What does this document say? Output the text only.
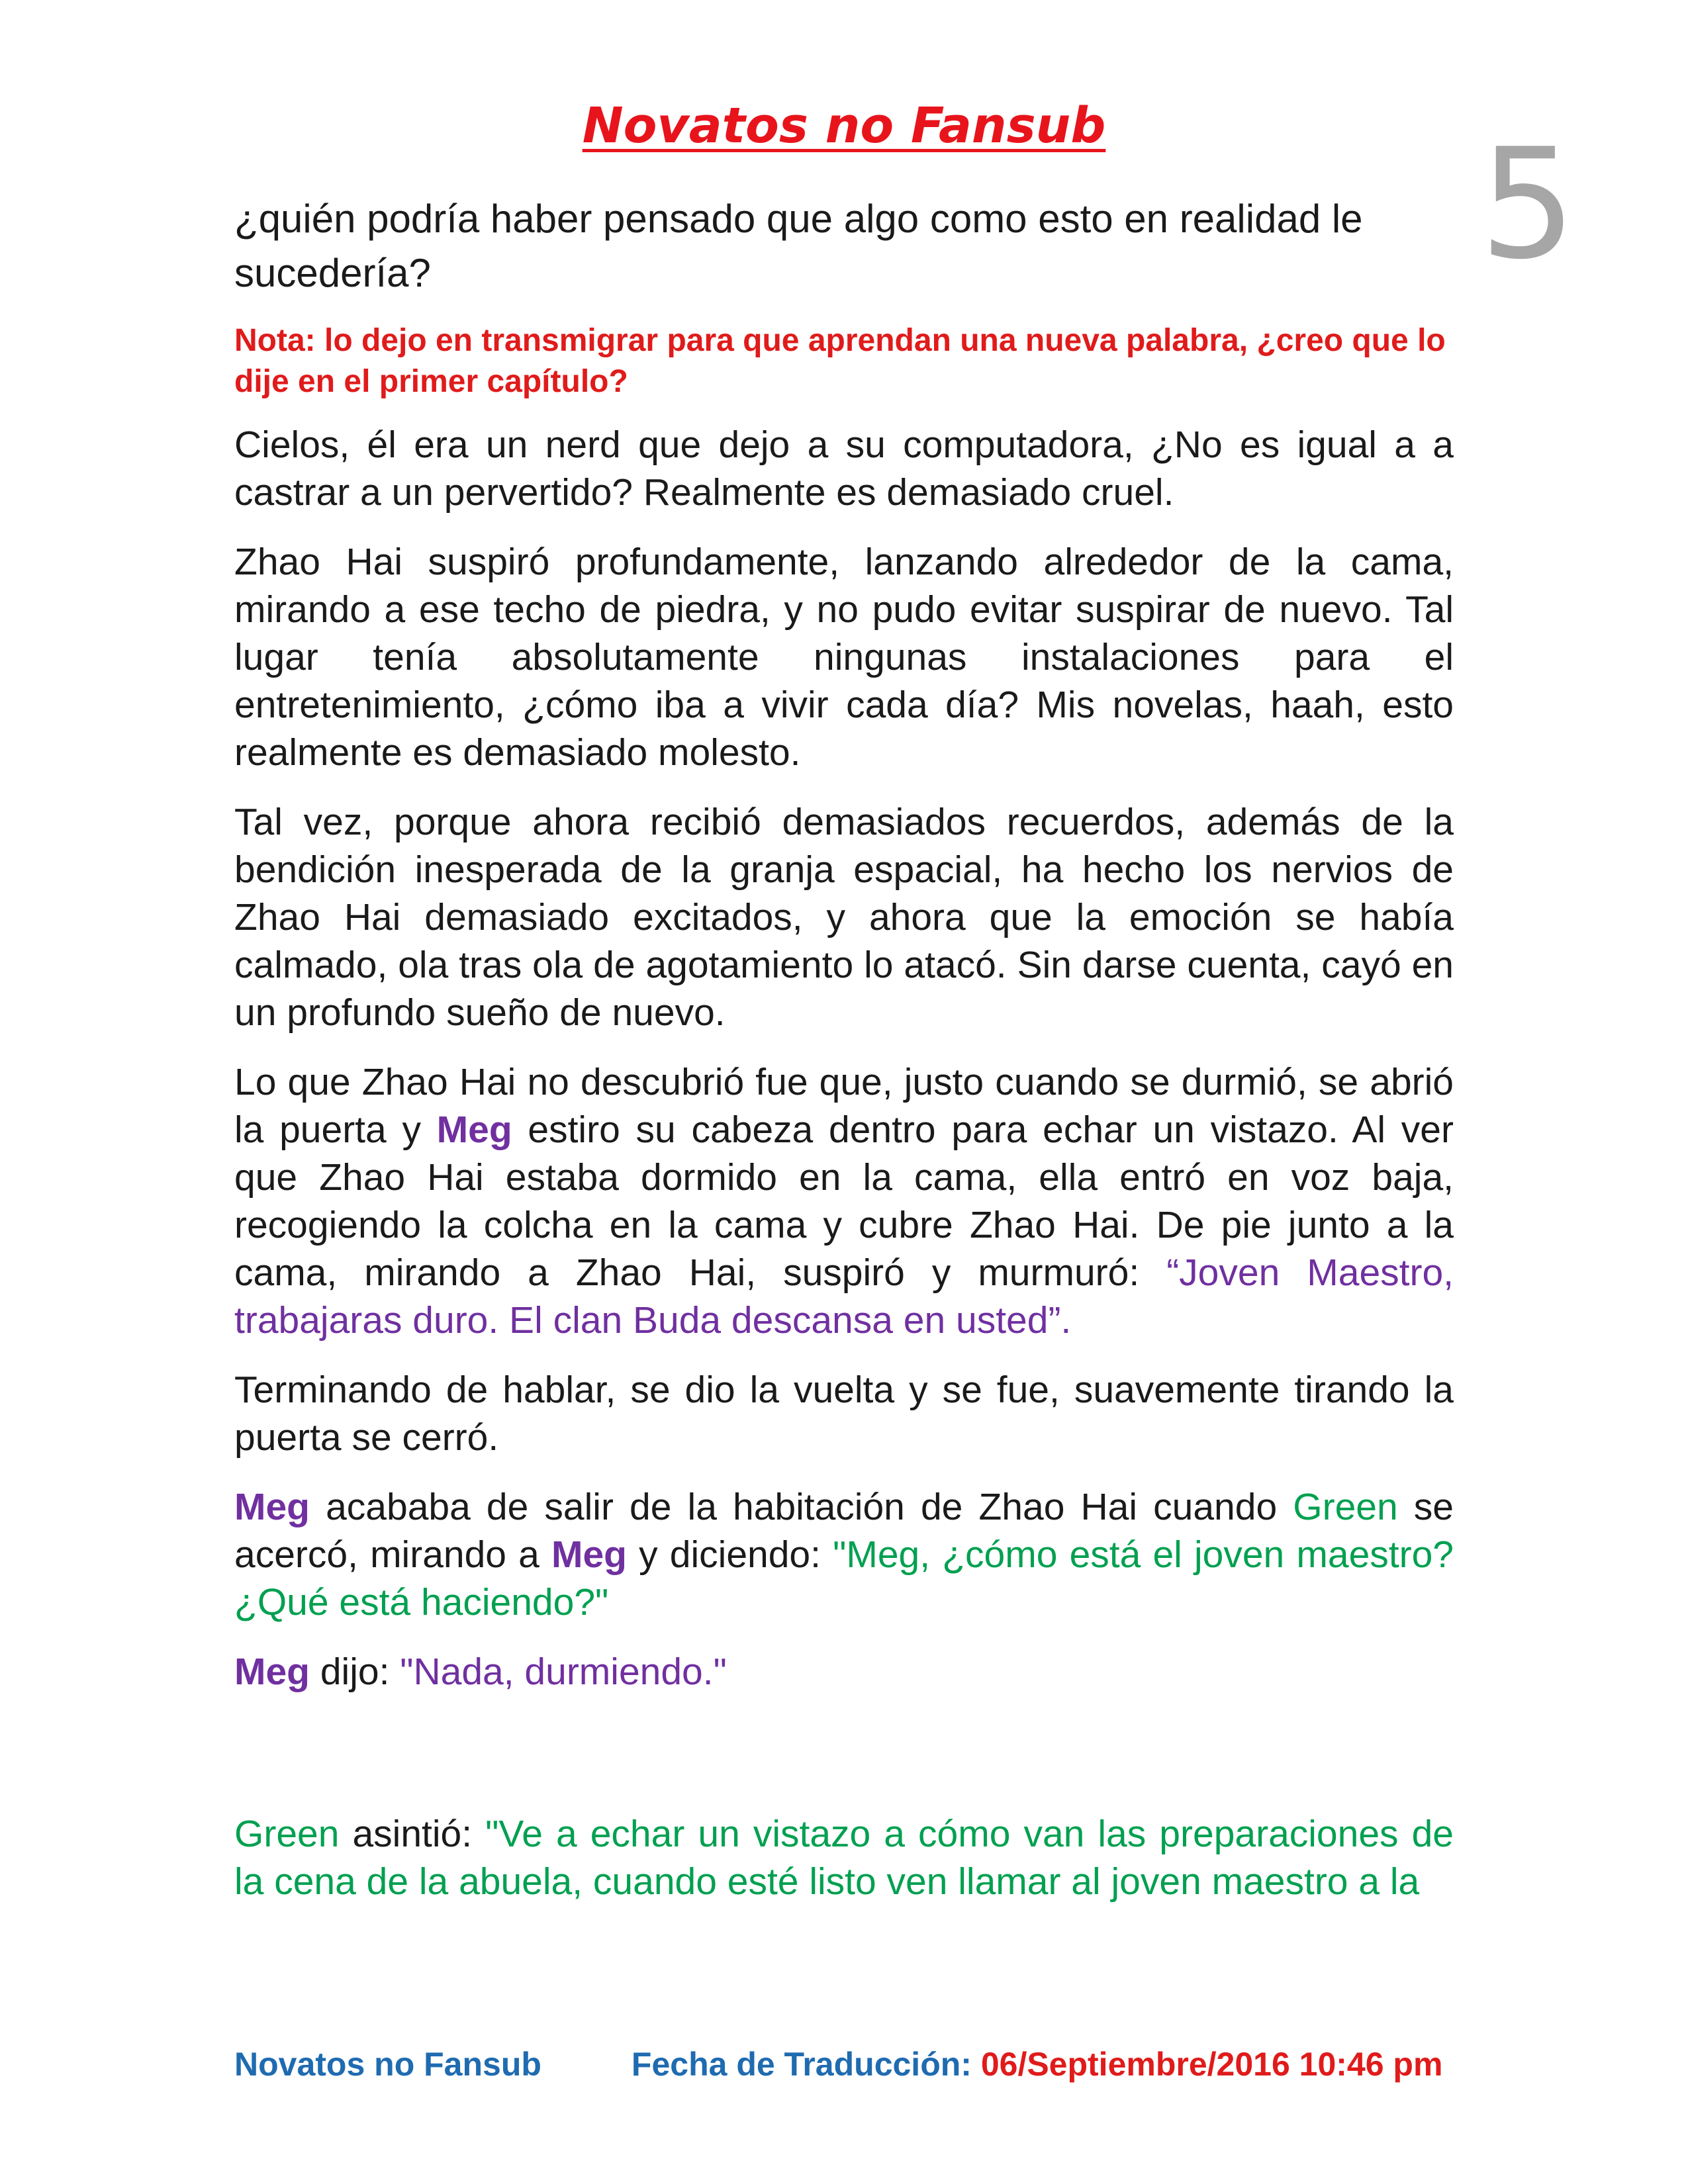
Novatos no Fansub	5

¿quién podría haber pensado que algo como esto en realidad le sucedería?

Nota: lo dejo en transmigrar para que aprendan una nueva palabra, ¿creo que lo dije en el primer capítulo?

Cielos, él era un nerd que dejo a su computadora, ¿No es igual a a castrar a un pervertido? Realmente es demasiado cruel.

Zhao Hai suspiró profundamente, lanzando alrededor de la cama, mirando a ese techo de piedra, y no pudo evitar suspirar de nuevo. Tal lugar tenía absolutamente ningunas instalaciones para el entretenimiento, ¿cómo iba a vivir cada día? Mis novelas, haah, esto realmente es demasiado molesto.

Tal vez, porque ahora recibió demasiados recuerdos, además de la bendición inesperada de la granja espacial, ha hecho los nervios de Zhao Hai demasiado excitados, y ahora que la emoción se había calmado, ola tras ola de agotamiento lo atacó. Sin darse cuenta, cayó en un profundo sueño de nuevo.

Lo que Zhao Hai no descubrió fue que, justo cuando se durmió, se abrió la puerta y Meg estiro su cabeza dentro para echar un vistazo. Al ver que Zhao Hai estaba dormido en la cama, ella entró en voz baja, recogiendo la colcha en la cama y cubre Zhao Hai. De pie junto a la cama, mirando a Zhao Hai, suspiró y murmuró: “Joven Maestro, trabajaras duro. El clan Buda descansa en usted”.

Terminando de hablar, se dio la vuelta y se fue, suavemente tirando la puerta se cerró.

Meg acababa de salir de la habitación de Zhao Hai cuando Green se acercó, mirando a Meg y diciendo: "Meg, ¿cómo está el joven maestro? ¿Qué está haciendo?"

Meg dijo: "Nada, durmiendo."

Green asintió: "Ve a echar un vistazo a cómo van las preparaciones de la cena de la abuela, cuando esté listo ven llamar al joven maestro a la

Novatos no Fansub	Fecha de Traducción: 06/Septiembre/2016 10:46 pm
